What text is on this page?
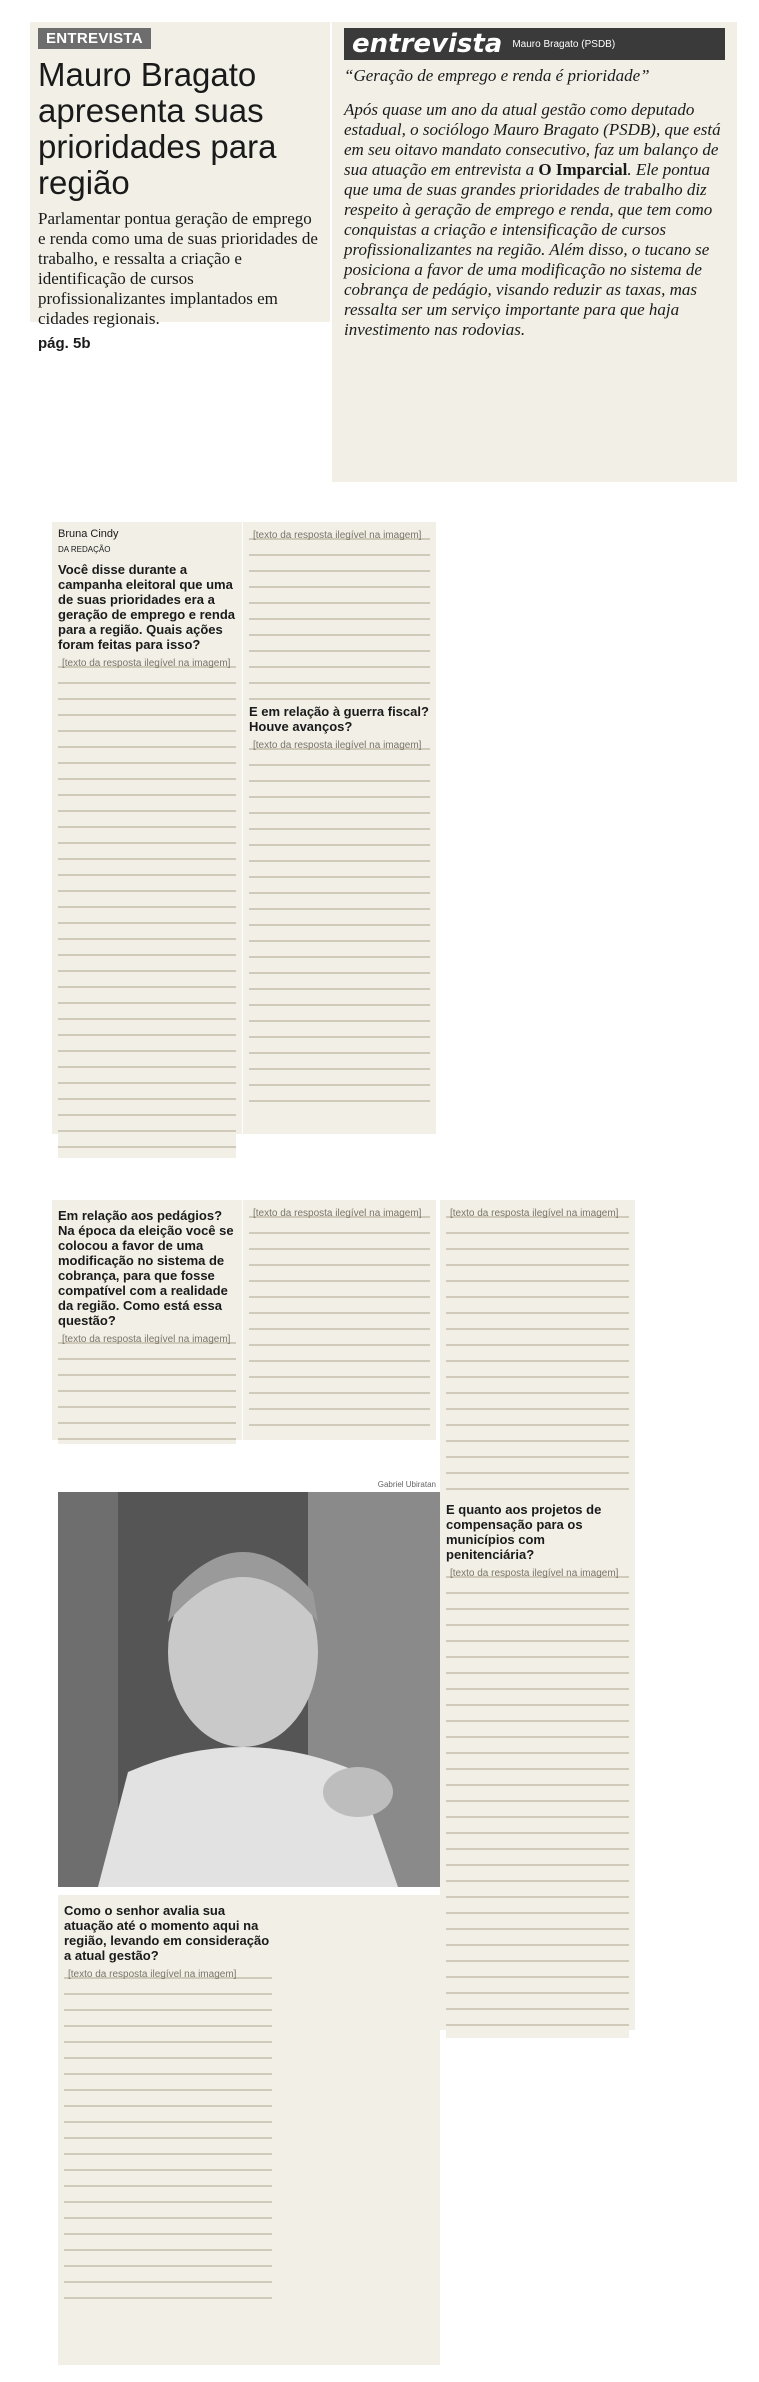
ENTREVISTA
Mauro Bragato apresenta suas prioridades para região

Parlamentar pontua geração de emprego e renda como uma de suas prioridades de trabalho, e ressalta a criação e identificação de cursos profissionalizantes implantados em cidades regionais.

pág. 5b
entrevista Mauro Bragato (PSDB)

“Geração de emprego e renda é prioridade”

Após quase um ano da atual gestão como deputado estadual, o sociólogo Mauro Bragato (PSDB), que está em seu oitavo mandato consecutivo, faz um balanço de sua atuação em entrevista a O Imparcial. Ele pontua que uma de suas grandes prioridades de trabalho diz respeito à geração de emprego e renda, que tem como conquistas a criação e intensificação de cursos profissionalizantes na região. Além disso, o tucano se posiciona a favor de uma modificação no sistema de cobrança de pedágio, visando reduzir as taxas, mas ressalta ser um serviço importante para que haja investimento nas rodovias.

Bruna Cindy

DA REDAÇÃO

Você disse durante a campanha eleitoral que uma de suas prioridades era a geração de emprego e renda para a região. Quais ações foram feitas para isso?

[texto da resposta ilegível na imagem]

[texto da resposta ilegível na imagem]

E em relação à guerra fiscal? Houve avanços?

[texto da resposta ilegível na imagem]

Em relação aos pedágios? Na época da eleição você se colocou a favor de uma modificação no sistema de cobrança, para que fosse compatível com a realidade da região. Como está essa questão?

[texto da resposta ilegível na imagem]

[texto da resposta ilegível na imagem]	[texto da resposta ilegível na imagem]

E quanto aos projetos de compensação para os municípios com penitenciária?

[texto da resposta ilegível na imagem]

Gabriel Ubiratan

Como o senhor avalia sua atuação até o momento aqui na região, levando em consideração a atual gestão?

[texto da resposta ilegível na imagem]
